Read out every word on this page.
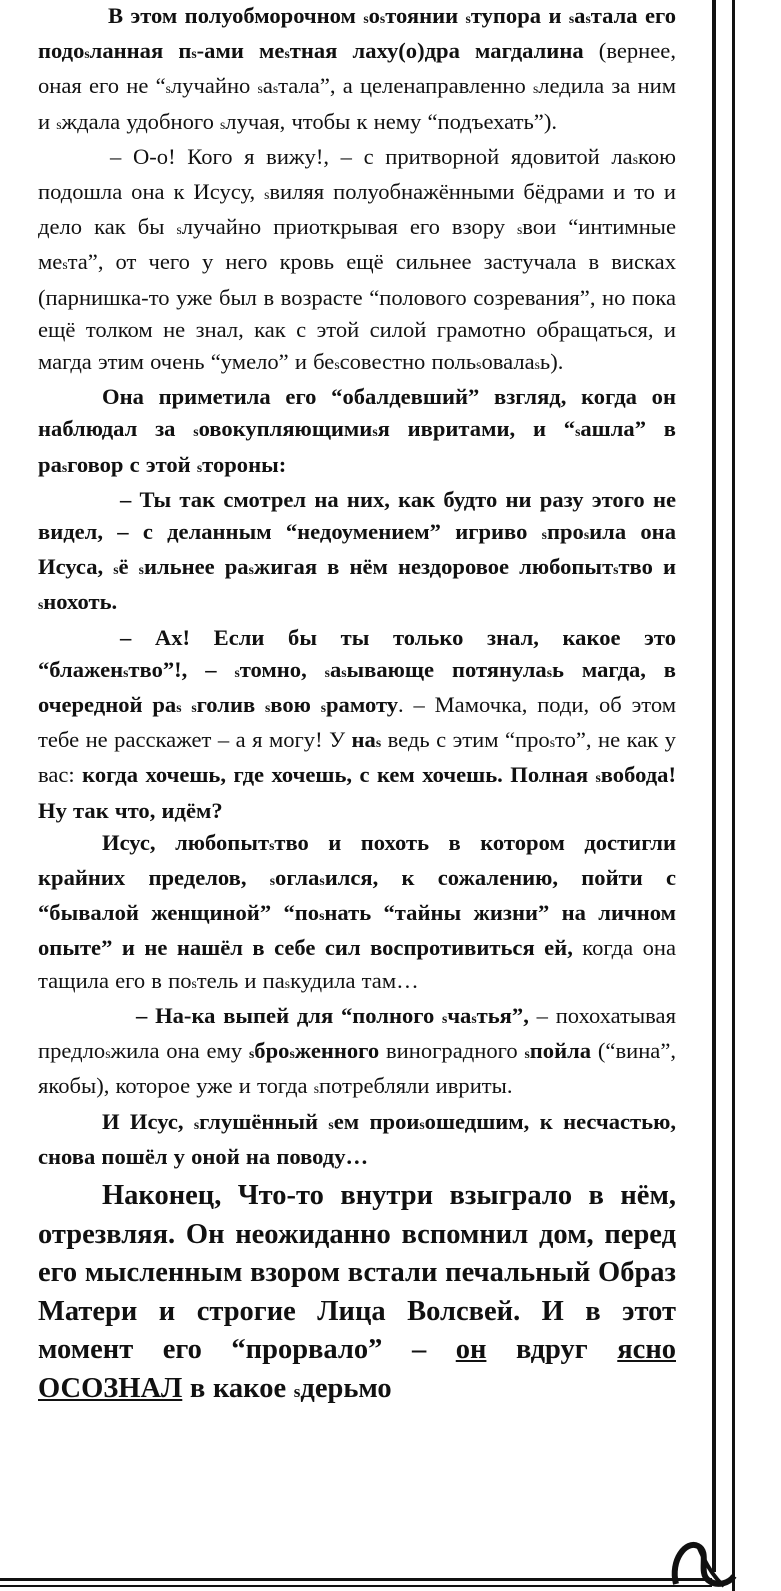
В этом полуобморочном sоsтоянии sтупора и sаsтала его подоsланная пs-ами меsтная лаху(о)дра магдалина (вернее, оная его не “sлучайно sаsтала”, а целенаправленно sледила за ним и sждала удобного sлучая, чтобы к нему “подъехать”).

– О-о! Кого я вижу!, – с притворной ядовитой лаsкою подошла она к Исусу, sвиляя полуобнажёнными бёдрами и то и дело как бы sлучайно приоткрывая его взору sвои “интимные меsта”, от чего у него кровь ещё сильнее застучала в висках (парнишка-то уже был в возрасте “полового созревания”, но пока ещё толком не знал, как с этой силой грамотно обращаться, и магда этим очень “умело” и беsсовестно польsовалаsь).

Она приметила его “обалдевший” взгляд, когда он наблюдал за sовокупляющимиsя ивритами, и “sашла” в раsговор с этой sтороны:

– Ты так смотрел на них, как будто ни разу этого не видел, – с деланным “недоумением” игриво sпроsила она Исуса, sё sильнее раsжигая в нём нездоровое любопытsтво и sнохоть.

– Ах! Если бы ты только знал, какое это “блаженsтво”!, – sтомно, sаsывающе потянулаsь магда, в очередной раs sголив sвою sрамоту. – Мамочка, поди, об этом тебе не расскажет – а я могу! У наs ведь с этим “проsто”, не как у вас: когда хочешь, где хочешь, с кем хочешь. Полная sвобода! Ну так что, идём?

Исус, любопытsтво и похоть в котором достигли крайних пределов, sоглаsился, к сожалению, пойти с “бывалой женщиной” “поsнать “тайны жизни” на личном опыте” и не нашёл в себе сил воспротивиться ей, когда она тащила его в поsтель и паsкудила там…

– На-ка выпей для “полного sчаsтья”, – похохатывая предлоsжила она ему sброsженного виноградного sпойла (“вина”, якобы), которое уже и тогда sпотребляли ивриты.

И Исус, sглушённый sем проиsошедшим, к несчастью, снова пошёл у оной на поводу…

Наконец, Что-то внутри взыграло в нём, отрезвляя. Он неожиданно вспомнил дом, перед его мысленным взором встали печальный Образ Матери и строгие Лица Волсвей. И в этот момент его “прорвало” – он вдруг ясно ОСОЗНАЛ в какое sдерьмо
